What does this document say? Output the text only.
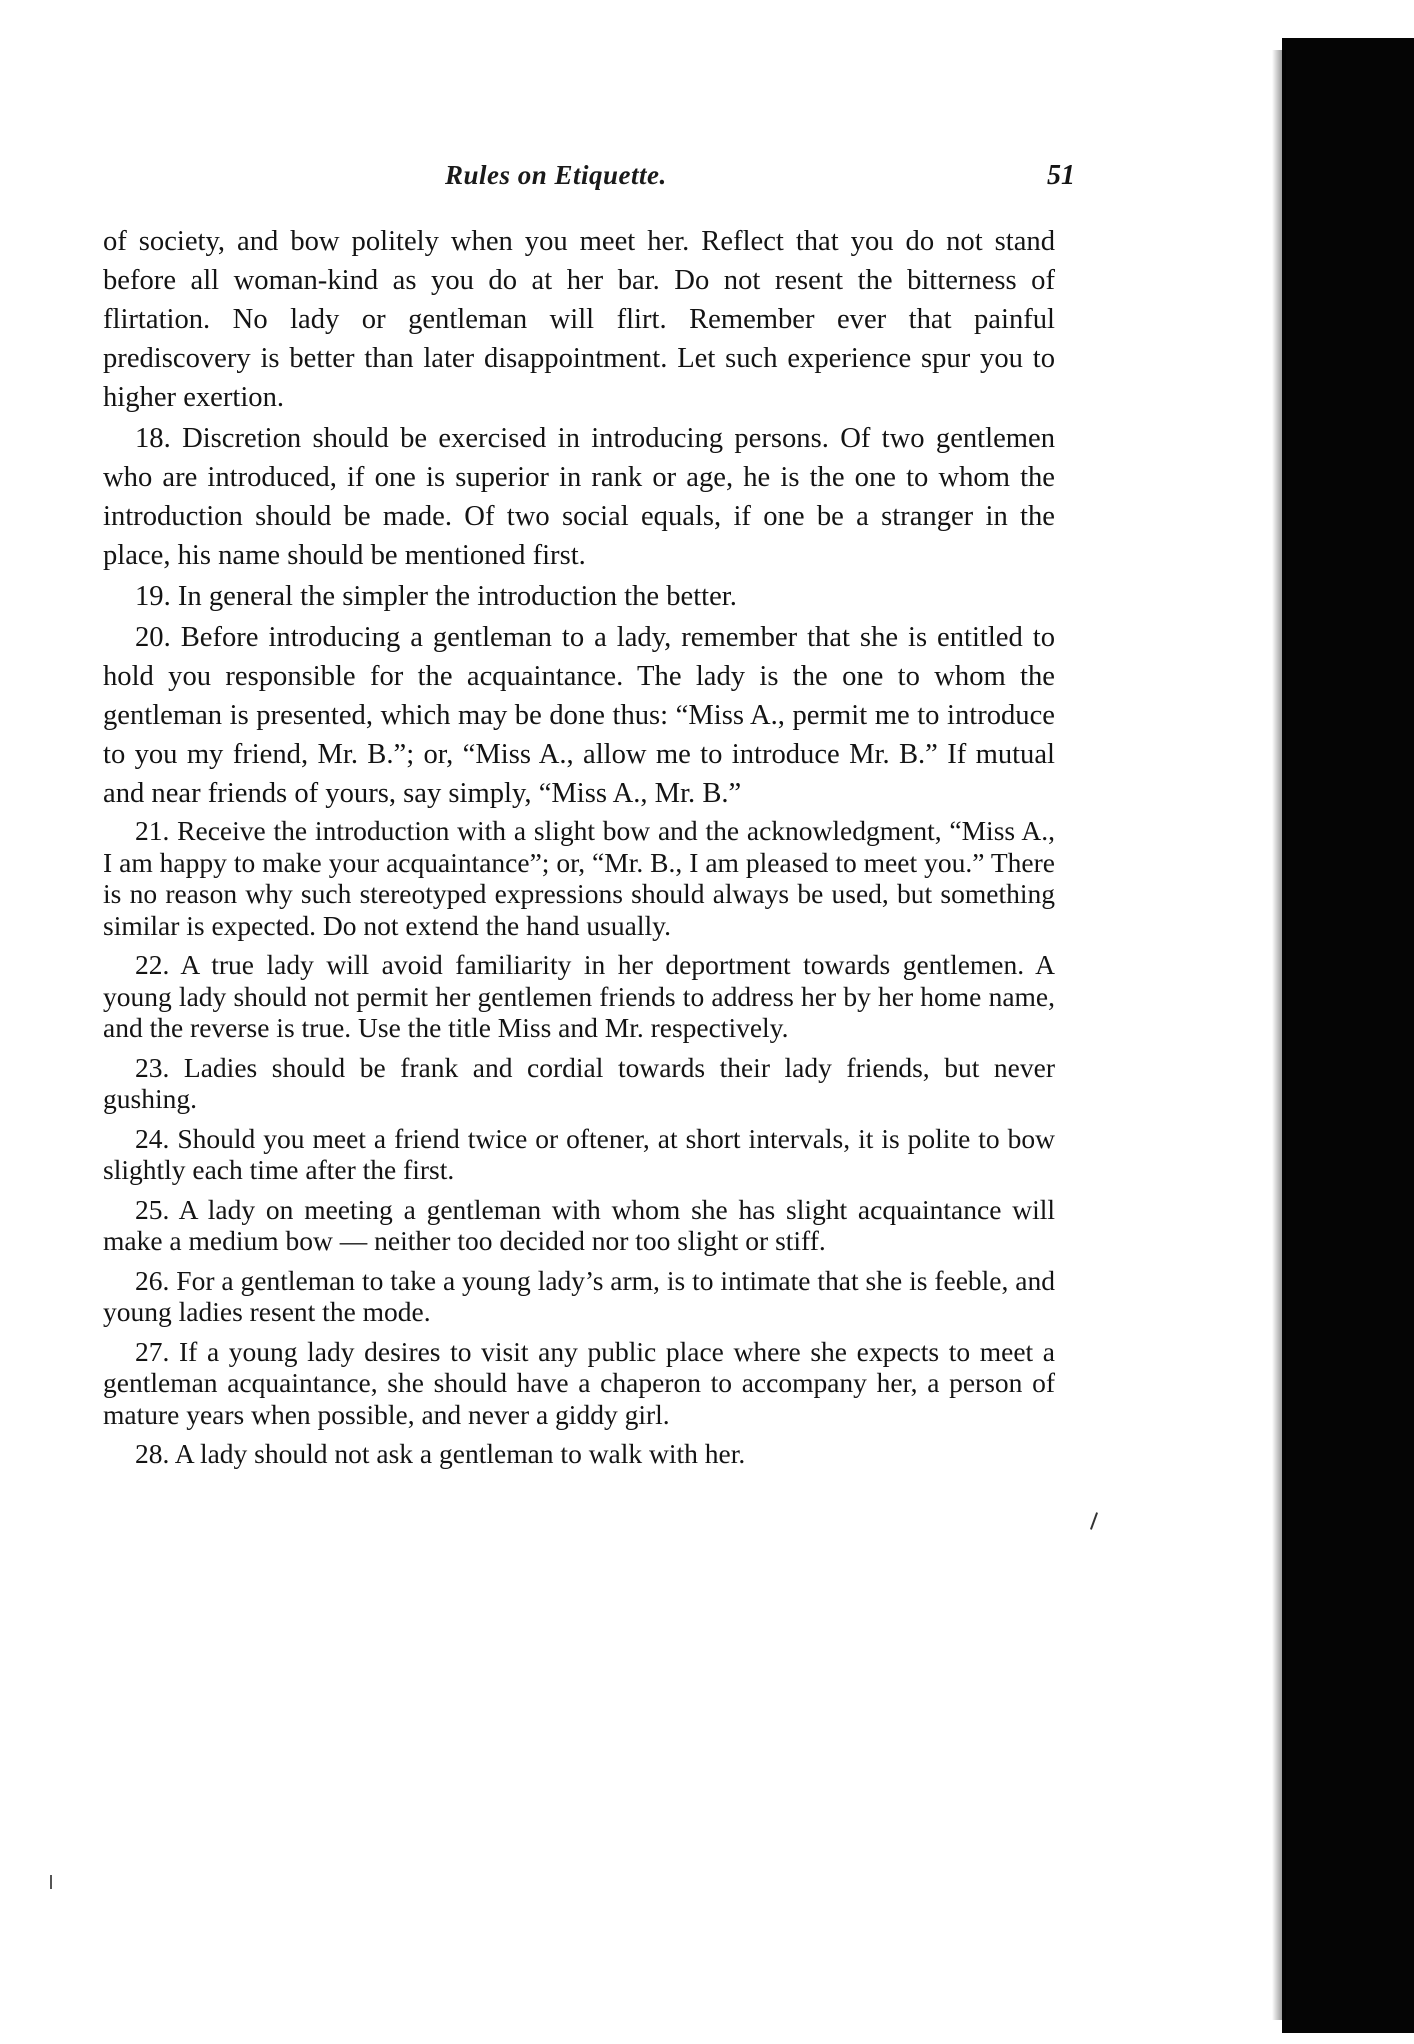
Rules on Etiquette.	51

of society, and bow politely when you meet her. Reflect that you do not stand before all woman-kind as you do at her bar. Do not resent the bitterness of flirtation. No lady or gentleman will flirt. Remember ever that painful prediscovery is better than later disappointment. Let such experience spur you to higher exertion.

18. Discretion should be exercised in introducing persons. Of two gentlemen who are introduced, if one is superior in rank or age, he is the one to whom the introduction should be made. Of two social equals, if one be a stranger in the place, his name should be mentioned first.

19. In general the simpler the introduction the better.

20. Before introducing a gentleman to a lady, remember that she is entitled to hold you responsible for the acquaintance. The lady is the one to whom the gentleman is presented, which may be done thus: “Miss A., permit me to introduce to you my friend, Mr. B.”; or, “Miss A., allow me to introduce Mr. B.” If mutual and near friends of yours, say simply, “Miss A., Mr. B.”

21. Receive the introduction with a slight bow and the acknowledgment, “Miss A., I am happy to make your acquaintance”; or, “Mr. B., I am pleased to meet you.” There is no reason why such stereotyped expressions should always be used, but something similar is expected. Do not extend the hand usually.

22. A true lady will avoid familiarity in her deportment towards gentlemen. A young lady should not permit her gentlemen friends to address her by her home name, and the reverse is true. Use the title Miss and Mr. respectively.

23. Ladies should be frank and cordial towards their lady friends, but never gushing.

24. Should you meet a friend twice or oftener, at short intervals, it is polite to bow slightly each time after the first.

25. A lady on meeting a gentleman with whom she has slight acquaintance will make a medium bow — neither too decided nor too slight or stiff.

26. For a gentleman to take a young lady’s arm, is to intimate that she is feeble, and young ladies resent the mode.

27. If a young lady desires to visit any public place where she expects to meet a gentleman acquaintance, she should have a chaperon to accompany her, a person of mature years when possible, and never a giddy girl.

28. A lady should not ask a gentleman to walk with her.
